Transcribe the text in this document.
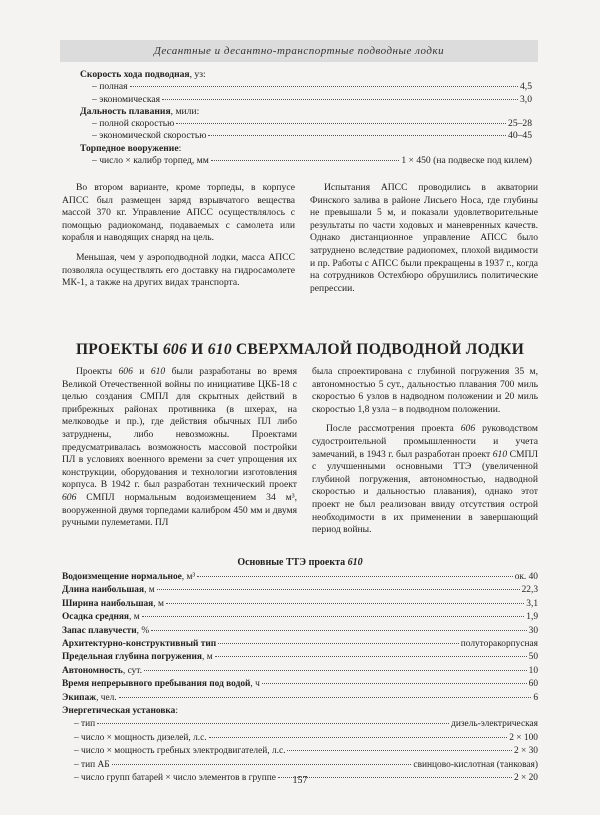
Десантные и десантно-транспортные подводные лодки
Скорость хода подводная, уз:
– полная	4,5
– экономическая	3,0
Дальность плавания, мили:
– полной скоростью	25–28
– экономической скоростью	40–45
Торпедное вооружение:
– число × калибр торпед, мм	1 × 450 (на подвеске под килем)

Во втором варианте, кроме торпеды, в корпусе АПСС был размещен заряд взрывчатого вещества массой 370 кг. Управление АПСС осуществлялось с помощью радиокоманд, подаваемых с самолета или корабля и наводящих снаряд на цель.

Меньшая, чем у аэроподводной лодки, масса АПСС позволяла осуществлять его доставку на гидросамолете МК-1, а также на других видах транспорта.

Испытания АПСС проводились в акватории Финского залива в районе Лисьего Носа, где глубины не превышали 5 м, и показали удовлетворительные результаты по части ходовых и маневренных качеств. Однако дистанционное управление АПСС было затруднено вследствие радиопомех, плохой видимости и пр. Работы с АПСС были прекращены в 1937 г., когда на сотрудников Остехбюро обрушились политические репрессии.

ПРОЕКТЫ 606 И 610 СВЕРХМАЛОЙ ПОДВОДНОЙ ЛОДКИ

Проекты 606 и 610 были разработаны во время Великой Отечественной войны по инициативе ЦКБ-18 с целью создания СМПЛ для скрытных действий в прибрежных районах противника (в шхерах, на мелководье и пр.), где действия обычных ПЛ либо затруднены, либо невозможны. Проектами предусматривалась возможность массовой постройки ПЛ в условиях военного времени за счет упрощения их конструкции, оборудования и технологии изготовления корпуса. В 1942 г. был разработан технический проект 606 СМПЛ нормальным водоизмещением 34 м³, вооруженной двумя торпедами калибром 450 мм и двумя ручными пулеметами. ПЛ

была спроектирована с глубиной погружения 35 м, автономностью 5 сут., дальностью плавания 700 миль скоростью 6 узлов в надводном положении и 20 миль скоростью 1,8 узла – в подводном положении.

После рассмотрения проекта 606 руководством судостроительной промышленности и учета замечаний, в 1943 г. был разработан проект 610 СМПЛ с улучшенными основными ТТЭ (увеличенной глубиной погружения, автономностью, надводной скоростью и дальностью плавания), однако этот проект не был реализован ввиду отсутствия острой необходимости в их применении в завершающий период войны.

Основные ТТЭ проекта 610
Водоизмещение нормальное, м³	ок. 40
Длина наибольшая, м	22,3
Ширина наибольшая, м	3,1
Осадка средняя, м	1,9
Запас плавучести, %	30
Архитектурно-конструктивный тип	полуторакорпусная
Предельная глубина погружения, м	50
Автономность, сут.	10
Время непрерывного пребывания под водой, ч	60
Экипаж, чел.	6
Энергетическая установка:
– тип	дизель-электрическая
– число × мощность дизелей, л.с.	2 × 100
– число × мощность гребных электродвигателей, л.с.	2 × 30
– тип АБ	свинцово-кислотная (танковая)
– число групп батарей × число элементов в группе	2 × 20
157
